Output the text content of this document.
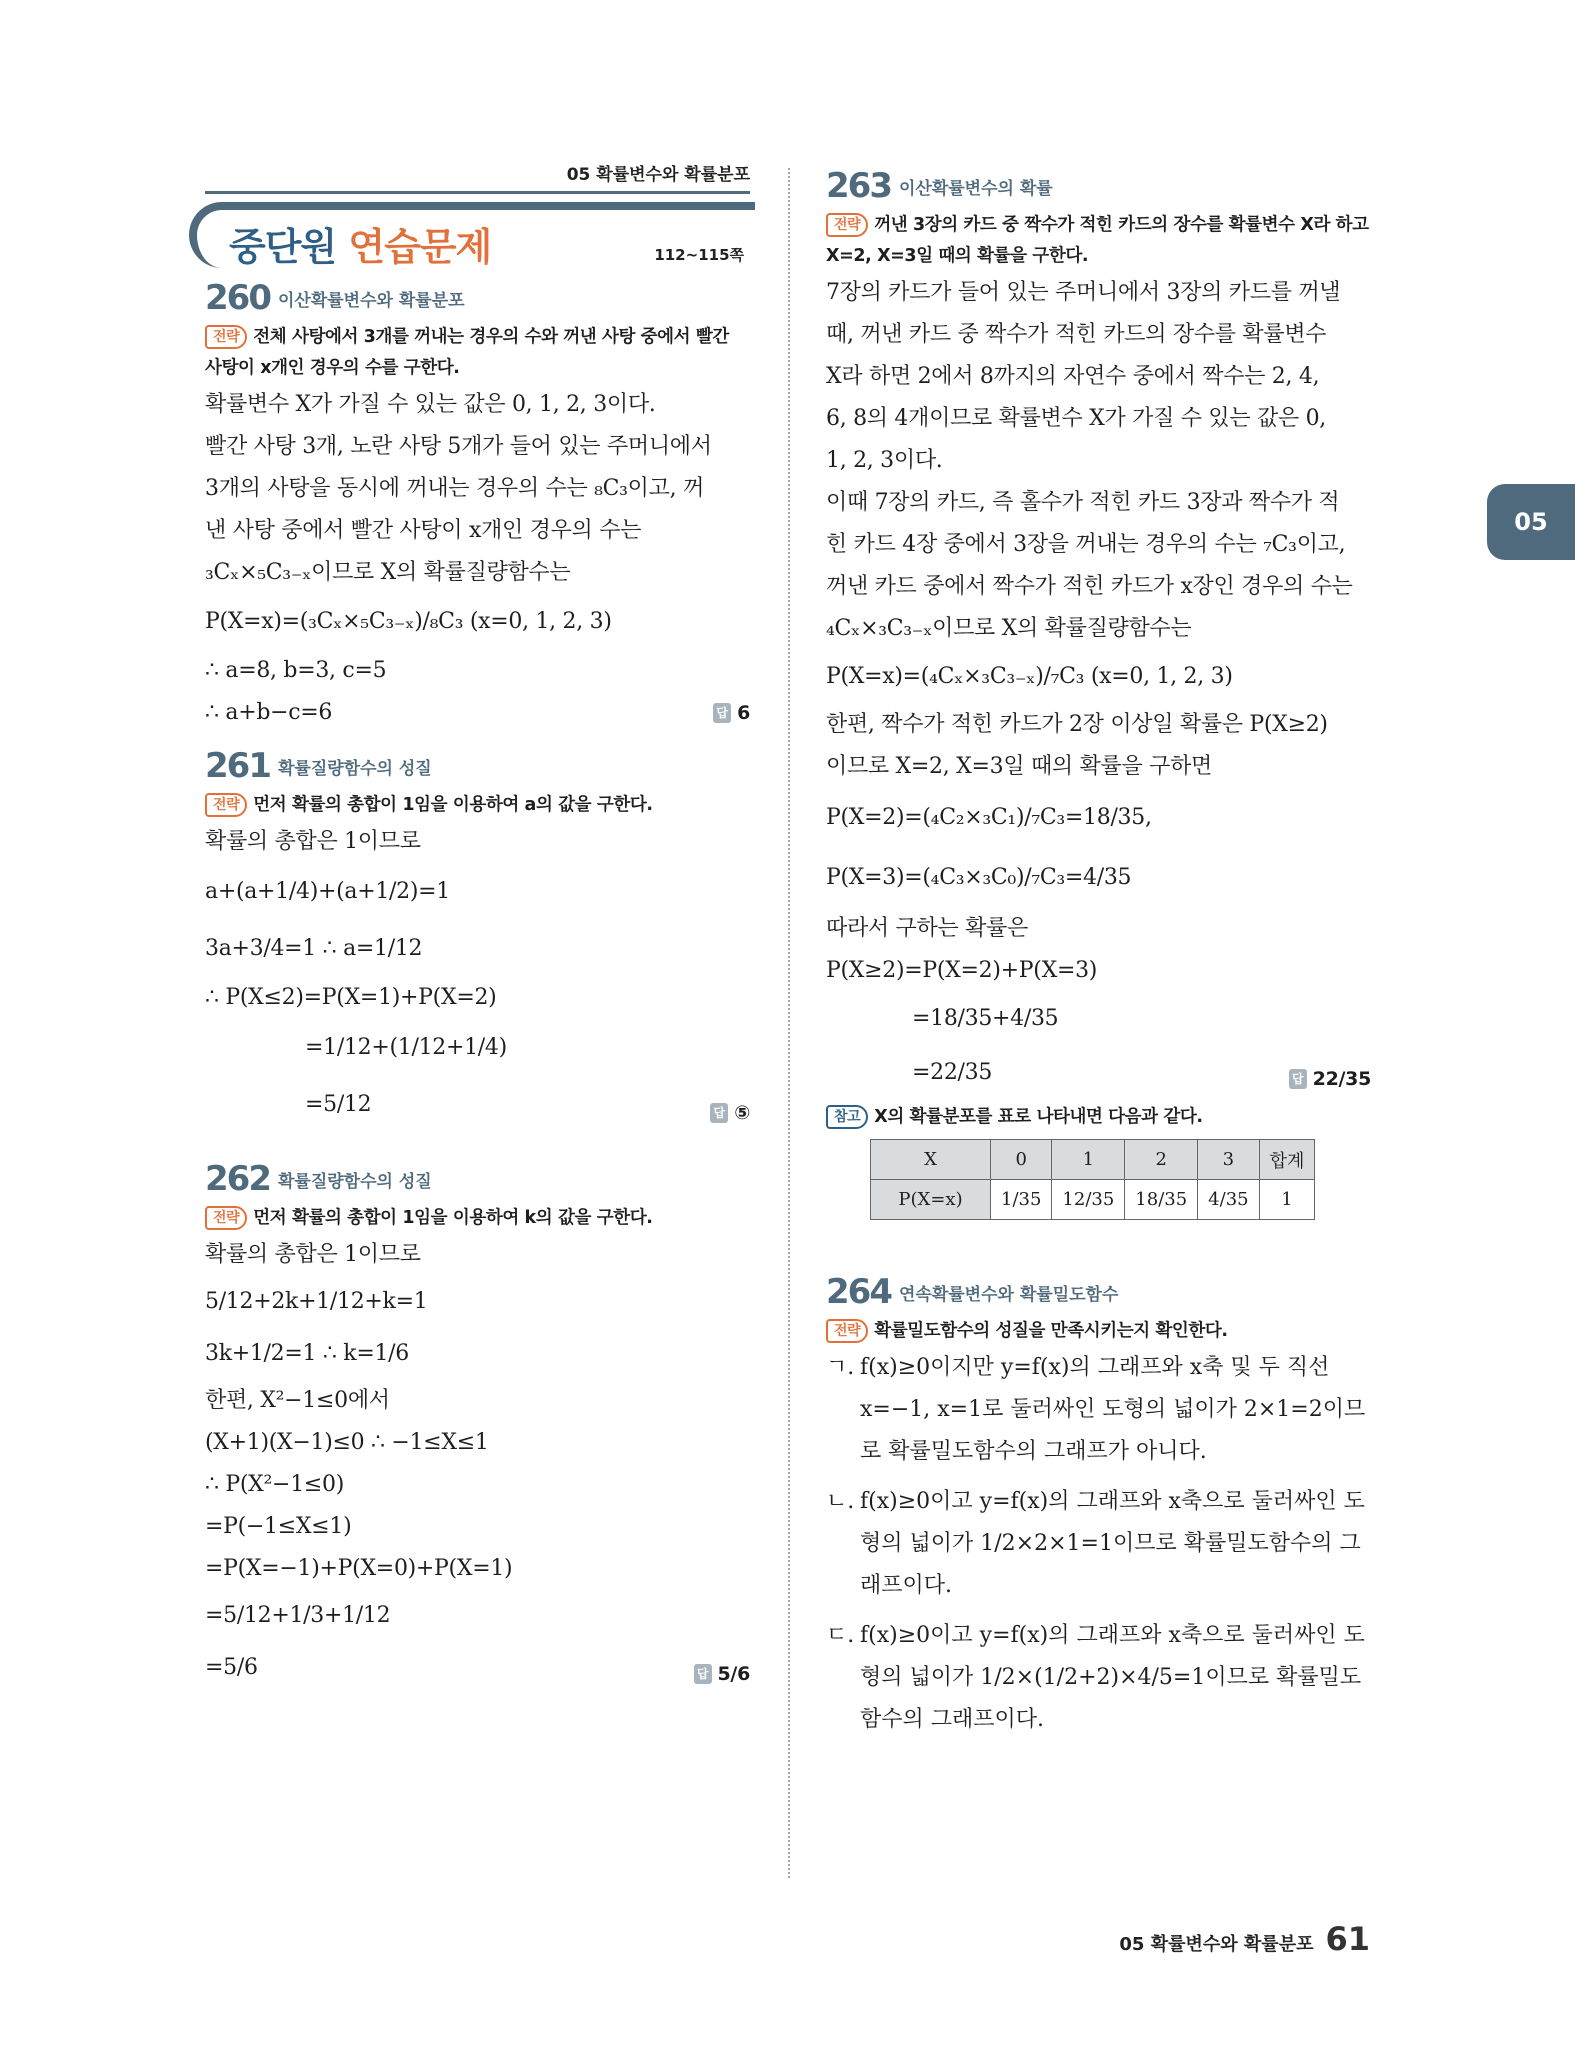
05 확률변수와 확률분포
중단원 연습문제	112~115쪽
260 이산확률변수와 확률분포
전략 전체 사탕에서 3개를 꺼내는 경우의 수와 꺼낸 사탕 중에서 빨간 사탕이 x개인 경우의 수를 구한다.
확률변수 X가 가질 수 있는 값은 0, 1, 2, 3이다.
빨간 사탕 3개, 노란 사탕 5개가 들어 있는 주머니에서
3개의 사탕을 동시에 꺼내는 경우의 수는 ₈C₃이고, 꺼
낸 사탕 중에서 빨간 사탕이 x개인 경우의 수는
₃Cₓ×₅C₃₋ₓ이므로 X의 확률질량함수는
P(X=x)=(₃Cₓ×₅C₃₋ₓ)/₈C₃ (x=0, 1, 2, 3)
∴ a=8, b=3, c=5
∴ a+b−c=6	답 6
261 확률질량함수의 성질
전략 먼저 확률의 총합이 1임을 이용하여 a의 값을 구한다.
확률의 총합은 1이므로
a+(a+1/4)+(a+1/2)=1
3a+3/4=1 ∴ a=1/12
∴ P(X≤2)=P(X=1)+P(X=2)
=1/12+(1/12+1/4)
=5/12	답 ⑤
262 확률질량함수의 성질
전략 먼저 확률의 총합이 1임을 이용하여 k의 값을 구한다.
확률의 총합은 1이므로
5/12+2k+1/12+k=1
3k+1/2=1 ∴ k=1/6
한편, X²−1≤0에서
(X+1)(X−1)≤0 ∴ −1≤X≤1
∴ P(X²−1≤0)
=P(−1≤X≤1)
=P(X=−1)+P(X=0)+P(X=1)
=5/12+1/3+1/12
=5/6	답 5/6
263 이산확률변수의 확률
전략 꺼낸 3장의 카드 중 짝수가 적힌 카드의 장수를 확률변수 X라 하고 X=2, X=3일 때의 확률을 구한다.
7장의 카드가 들어 있는 주머니에서 3장의 카드를 꺼낼
때, 꺼낸 카드 중 짝수가 적힌 카드의 장수를 확률변수
X라 하면 2에서 8까지의 자연수 중에서 짝수는 2, 4,
6, 8의 4개이므로 확률변수 X가 가질 수 있는 값은 0,
1, 2, 3이다.
이때 7장의 카드, 즉 홀수가 적힌 카드 3장과 짝수가 적
힌 카드 4장 중에서 3장을 꺼내는 경우의 수는 ₇C₃이고,
꺼낸 카드 중에서 짝수가 적힌 카드가 x장인 경우의 수는
₄Cₓ×₃C₃₋ₓ이므로 X의 확률질량함수는
P(X=x)=(₄Cₓ×₃C₃₋ₓ)/₇C₃ (x=0, 1, 2, 3)
한편, 짝수가 적힌 카드가 2장 이상일 확률은 P(X≥2)
이므로 X=2, X=3일 때의 확률을 구하면
P(X=2)=(₄C₂×₃C₁)/₇C₃=18/35,
P(X=3)=(₄C₃×₃C₀)/₇C₃=4/35
따라서 구하는 확률은
P(X≥2)=P(X=2)+P(X=3)
=18/35+4/35
=22/35	답 22/35
참고 X의 확률분포를 표로 나타내면 다음과 같다.
X	0	1	2	3	합계
P(X=x)	1/35	12/35	18/35	4/35	1
264 연속확률변수와 확률밀도함수
전략 확률밀도함수의 성질을 만족시키는지 확인한다.
ㄱ. f(x)≥0이지만 y=f(x)의 그래프와 x축 및 두 직선 x=−1, x=1로 둘러싸인 도형의 넓이가 2×1=2이므로 확률밀도함수의 그래프가 아니다.
ㄴ. f(x)≥0이고 y=f(x)의 그래프와 x축으로 둘러싸인 도형의 넓이가 1/2×2×1=1이므로 확률밀도함수의 그래프이다.
ㄷ. f(x)≥0이고 y=f(x)의 그래프와 x축으로 둘러싸인 도형의 넓이가 1/2×(1/2+2)×4/5=1이므로 확률밀도함수의 그래프이다.
05
05 확률변수와 확률분포 61
